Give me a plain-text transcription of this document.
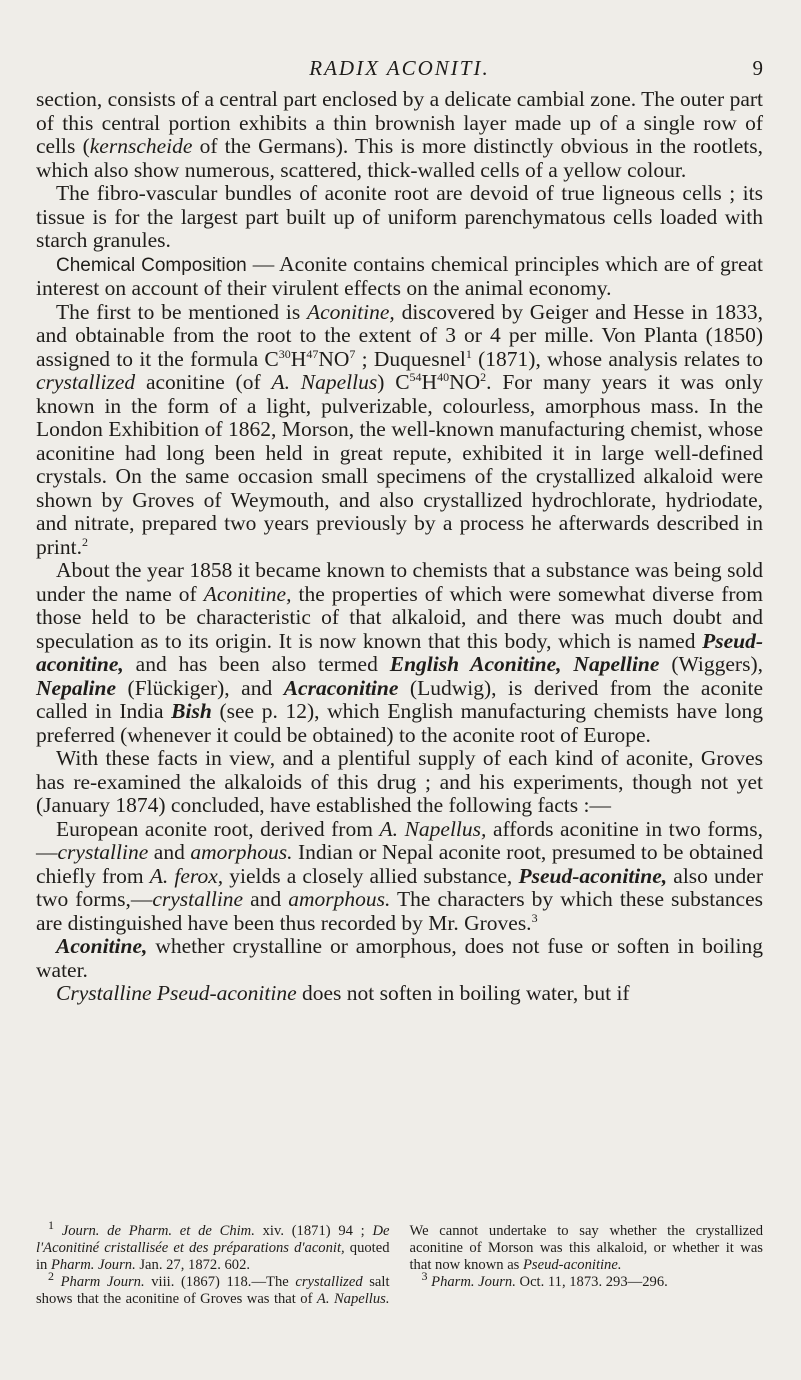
RADIX ACONITI.	9

section, consists of a central part enclosed by a delicate cambial zone. The outer part of this central portion exhibits a thin brownish layer made up of a single row of cells (kernscheide of the Germans). This is more distinctly obvious in the rootlets, which also show numerous, scattered, thick-walled cells of a yellow colour.

The fibro-vascular bundles of aconite root are devoid of true ligneous cells ; its tissue is for the largest part built up of uniform parenchymatous cells loaded with starch granules.

Chemical Composition — Aconite contains chemical principles which are of great interest on account of their virulent effects on the animal economy.

The first to be mentioned is Aconitine, discovered by Geiger and Hesse in 1833, and obtainable from the root to the extent of 3 or 4 per mille. Von Planta (1850) assigned to it the formula $C^{30}H^{47}NO^7$ ; Duquesnel$^1$ (1871), whose analysis relates to crystallized aconitine (of A. Napellus) $C^{54}H^{40}NO^2$. For many years it was only known in the form of a light, pulverizable, colourless, amorphous mass. In the London Exhibition of 1862, Morson, the well-known manufacturing chemist, whose aconitine had long been held in great repute, exhibited it in large well-defined crystals. On the same occasion small specimens of the crystallized alkaloid were shown by Groves of Weymouth, and also crystallized hydrochlorate, hydriodate, and nitrate, prepared two years previously by a process he afterwards described in print.$^2$

About the year 1858 it became known to chemists that a substance was being sold under the name of Aconitine, the properties of which were somewhat diverse from those held to be characteristic of that alkaloid, and there was much doubt and speculation as to its origin. It is now known that this body, which is named Pseud-aconitine, and has been also termed English Aconitine, Napelline (Wiggers), Nepaline (Flückiger), and Acraconitine (Ludwig), is derived from the aconite called in India Bish (see p. 12), which English manufacturing chemists have long preferred (whenever it could be obtained) to the aconite root of Europe.

With these facts in view, and a plentiful supply of each kind of aconite, Groves has re-examined the alkaloids of this drug ; and his experiments, though not yet (January 1874) concluded, have established the following facts :—

European aconite root, derived from A. Napellus, affords aconitine in two forms,—crystalline and amorphous. Indian or Nepal aconite root, presumed to be obtained chiefly from A. ferox, yields a closely allied substance, Pseud-aconitine, also under two forms,—crystalline and amorphous. The characters by which these substances are distinguished have been thus recorded by Mr. Groves.$^3$

Aconitine, whether crystalline or amorphous, does not fuse or soften in boiling water.

Crystalline Pseud-aconitine does not soften in boiling water, but if

$^1$ Journ. de Pharm. et de Chim. xiv. (1871) 94 ; De l'Aconitiné cristallisée et des préparations d'aconit, quoted in Pharm. Journ. Jan. 27, 1872. 602.

$^2$ Pharm Journ. viii. (1867) 118.—The crystallized salt shows that the aconitine of Groves was that of A. Napellus. We cannot undertake to say whether the crystallized aconitine of Morson was this alkaloid, or whether it was that now known as Pseud-aconitine.

$^3$ Pharm. Journ. Oct. 11, 1873. 293—296.
